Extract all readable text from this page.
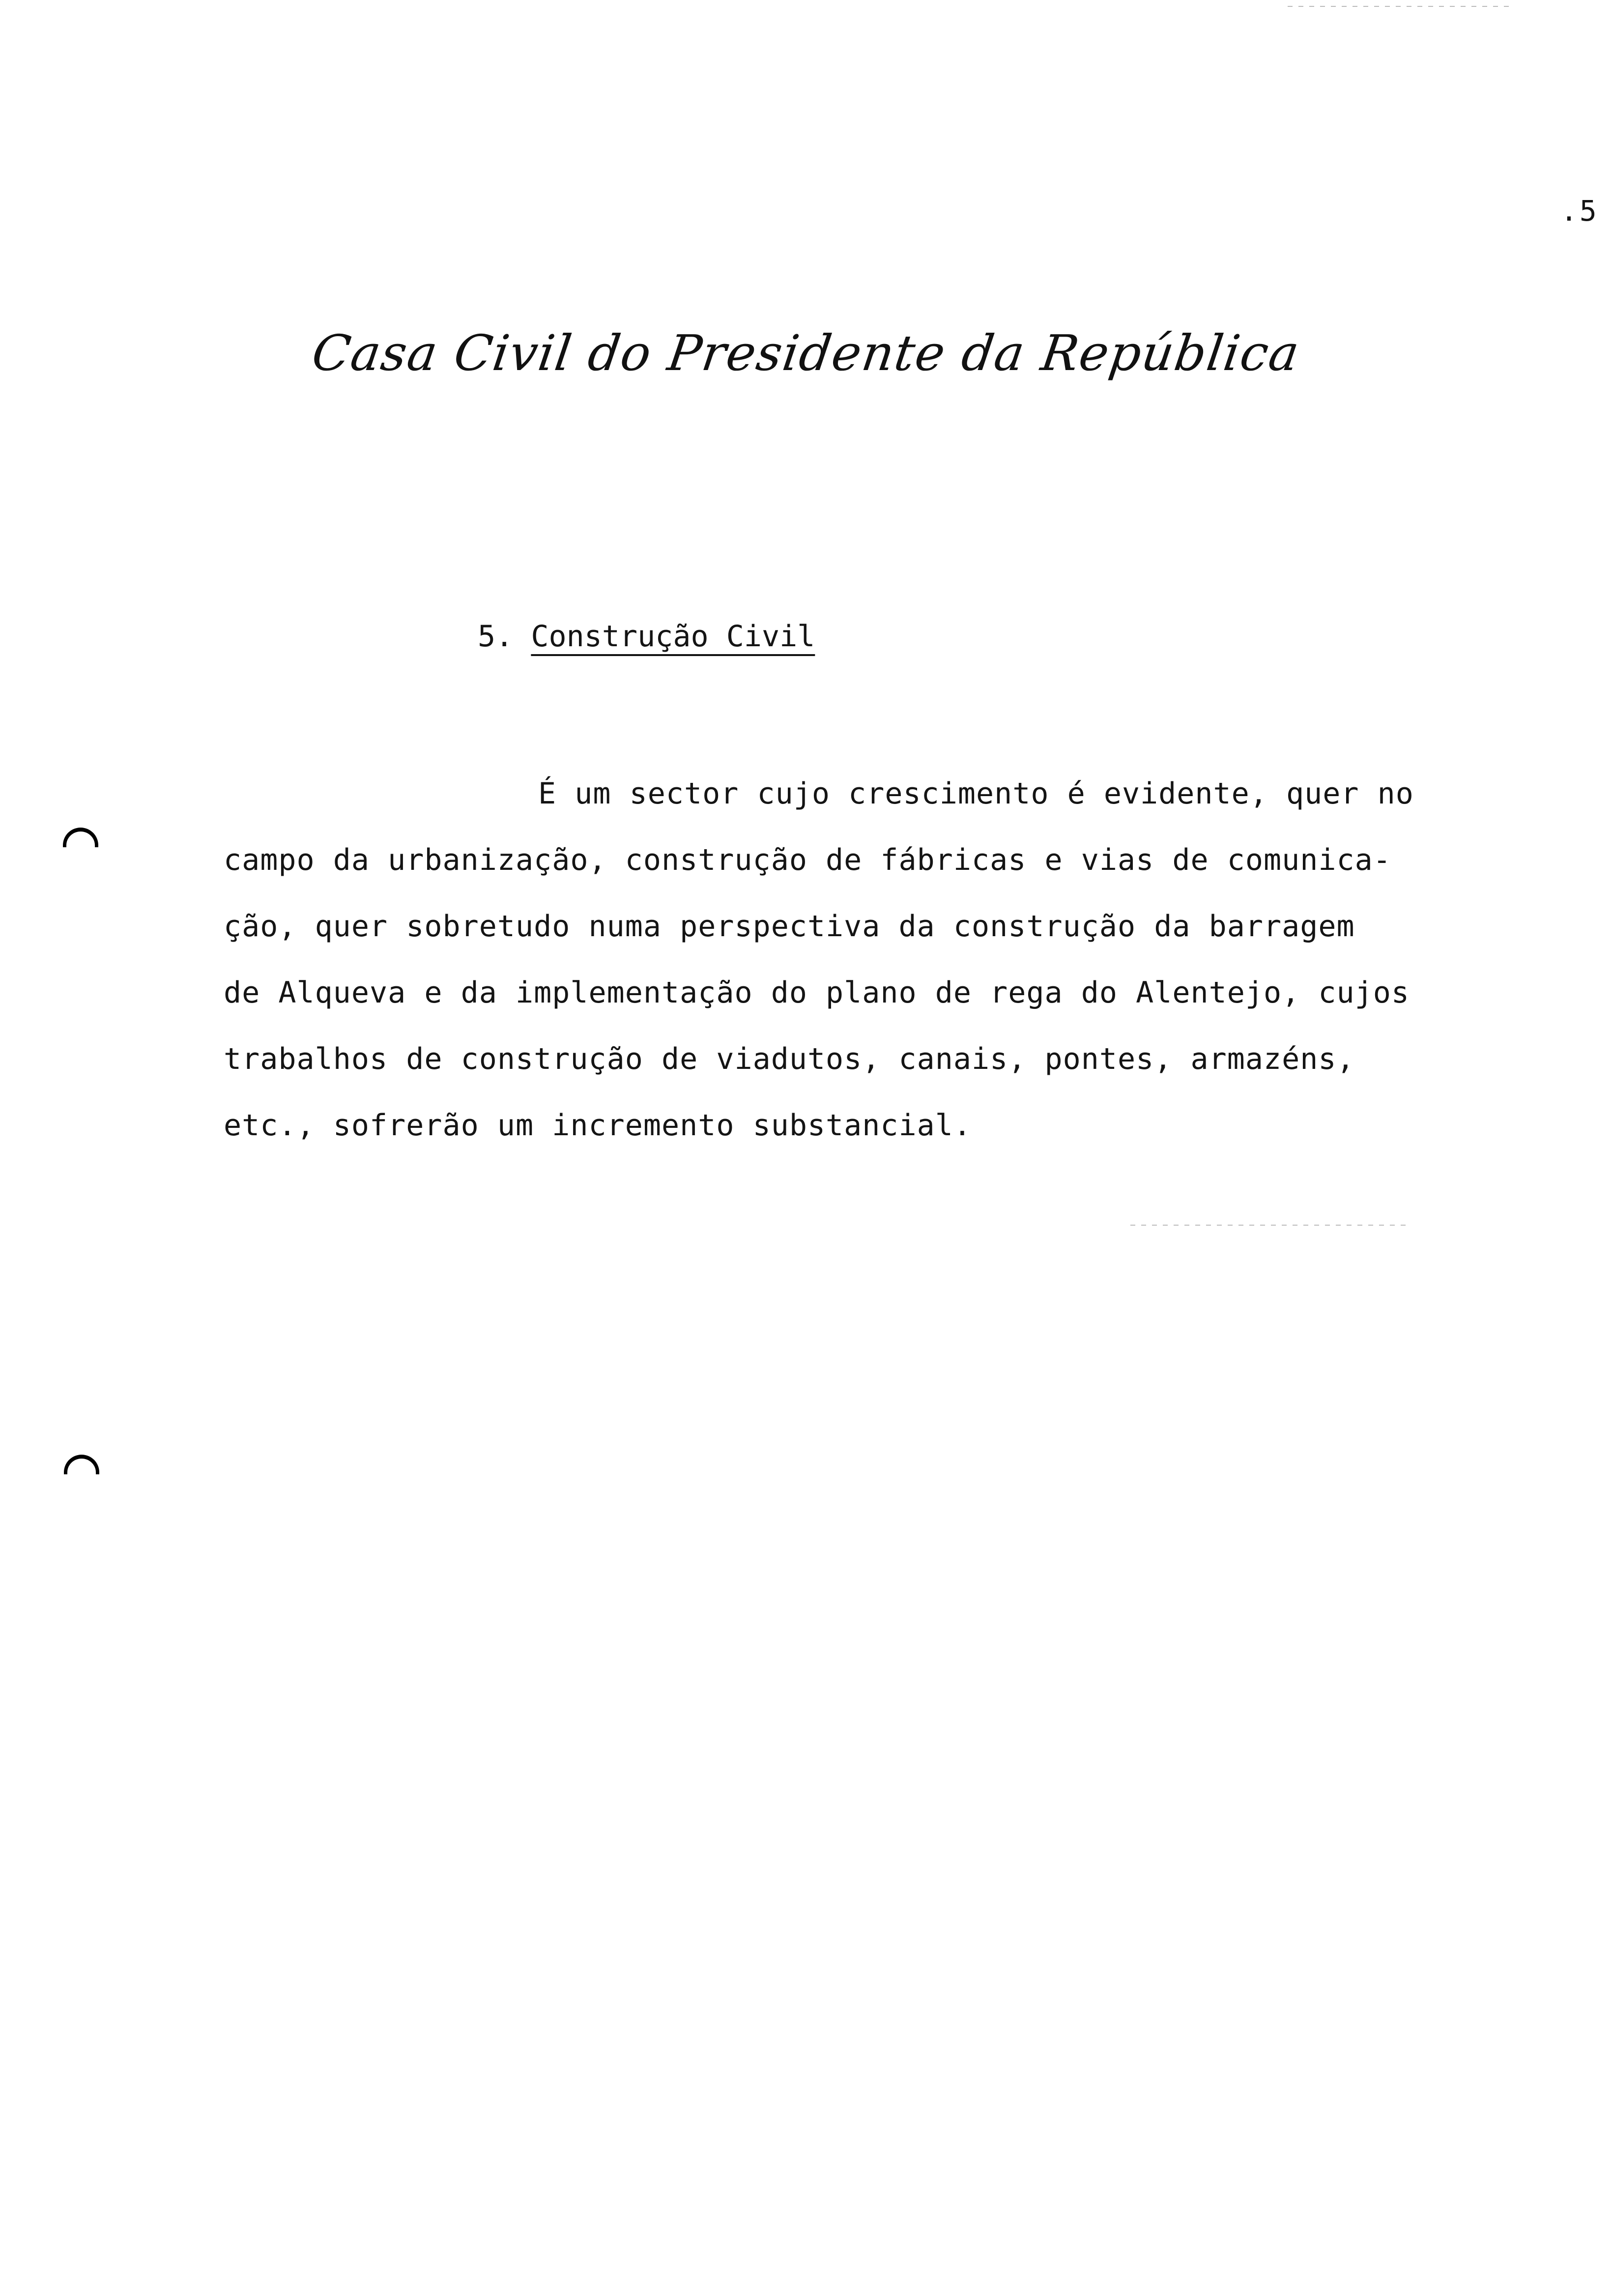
.5
Casa Civil do Presidente da República
5. Construção Civil
É um sector cujo crescimento é evidente, quer no
campo da urbanização, construção de fábricas e vias de comunica-
ção, quer sobretudo numa perspectiva da construção da barragem
de Alqueva e da implementação do plano de rega do Alentejo, cujos
trabalhos de construção de viadutos, canais, pontes, armazéns,
etc., sofrerão um incremento substancial.
